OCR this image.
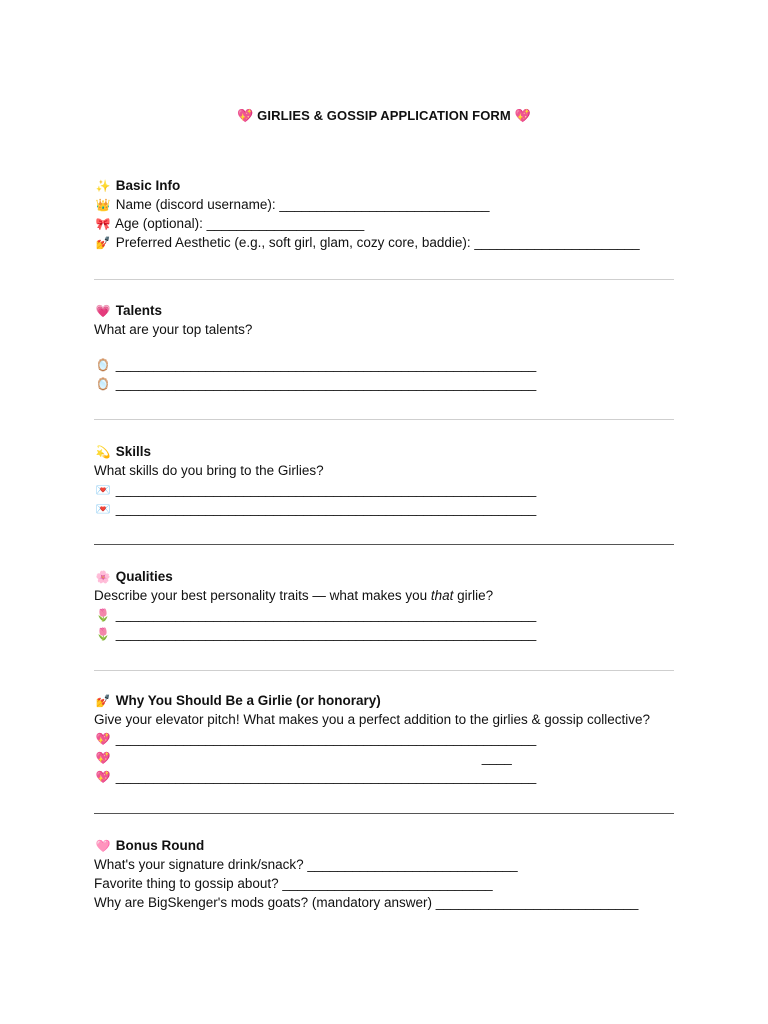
💖 GIRLIES & GOSSIP APPLICATION FORM 💖
✨ Basic Info
👑 Name (discord username): ____________________________
🎀 Age (optional): _____________________
💅 Preferred Aesthetic (e.g., soft girl, glam, cozy core, baddie): ______________________
💗 Talents
What are your top talents?
🪞 ________________________________________________________
🪞 ________________________________________________________
💫 Skills
What skills do you bring to the Girlies?
💌 ________________________________________________________
💌 ________________________________________________________
🌸 Qualities
Describe your best personality traits — what makes you that girlie?
🌷 ________________________________________________________
🌷 ________________________________________________________
💅 Why You Should Be a Girlie (or honorary)
Give your elevator pitch! What makes you a perfect addition to the girlies & gossip collective?
💖 ________________________________________________________
💖	____
💖 ________________________________________________________
🩷 Bonus Round
What's your signature drink/snack? ____________________________
Favorite thing to gossip about? ____________________________
Why are BigSkenger's mods goats? (mandatory answer) ___________________________
